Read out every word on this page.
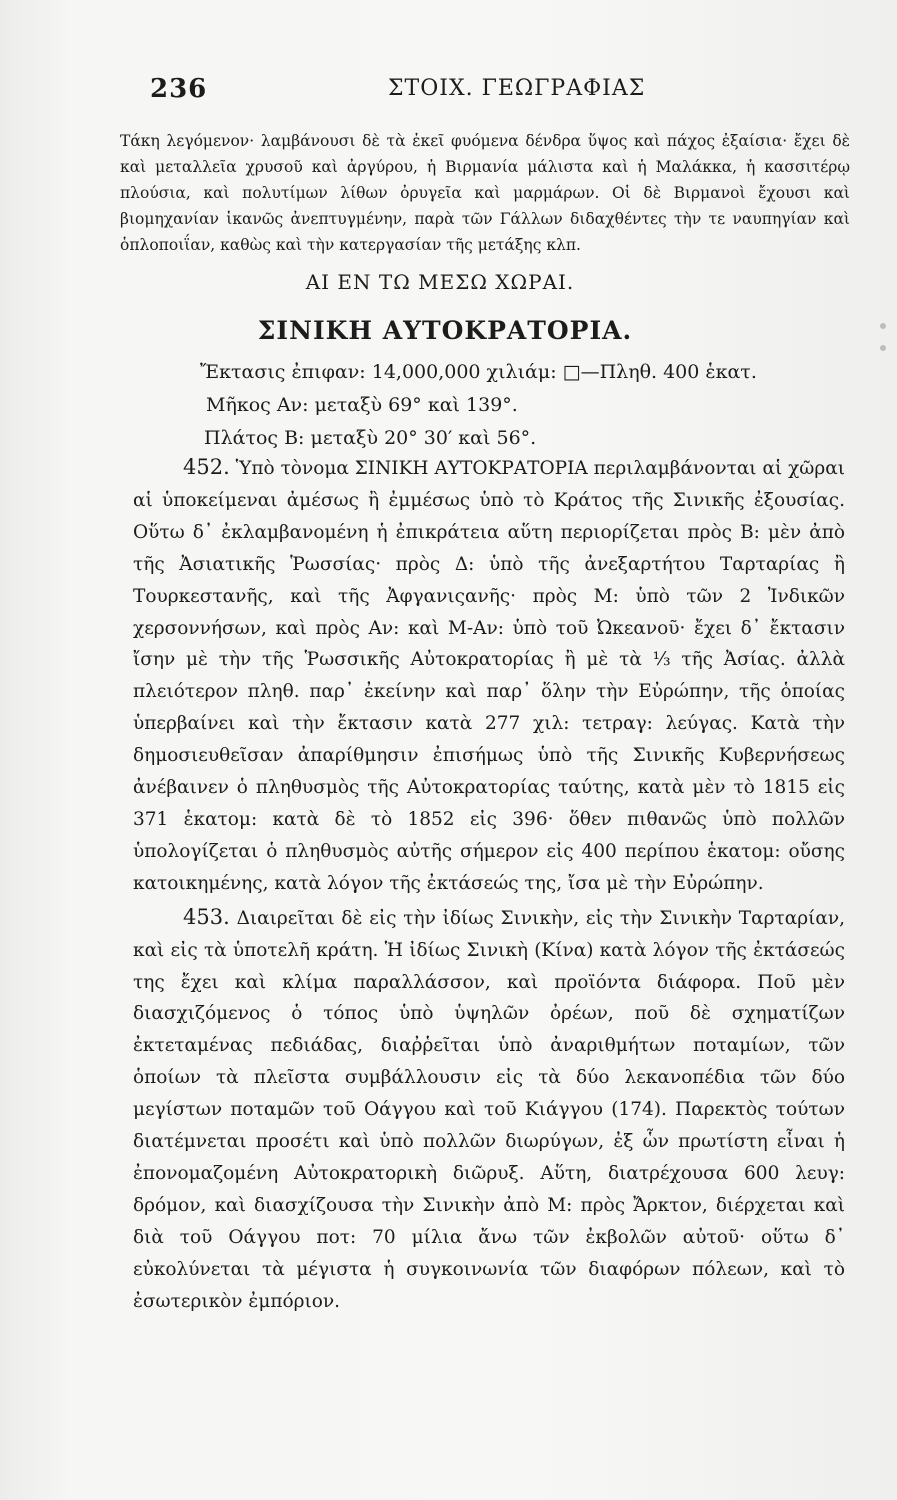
236	ΣΤΟΙΧ. ΓΕΩΓΡΑΦΙΑΣ

Τάκη λεγόμενον· λαμβάνουσι δὲ τὰ ἐκεῖ φυόμενα δένδρα ὕψος καὶ πάχος ἐξαίσια· ἔχει δὲ καὶ μεταλλεῖα χρυσοῦ καὶ ἀργύρου, ἡ Βιρμανία μάλιστα καὶ ἡ Μαλάκκα, ἡ κασσιτέρῳ πλούσια, καὶ πολυτίμων λίθων ὀρυγεῖα καὶ μαρμάρων. Οἱ δὲ Βιρμανοὶ ἔχουσι καὶ βιομηχανίαν ἱκανῶς ἀνεπτυγμένην, παρὰ τῶν Γάλλων διδαχθέντες τὴν τε ναυπηγίαν καὶ ὁπλοποιΐαν, καθὼς καὶ τὴν κατεργασίαν τῆς μετάξης κλπ.

ΑΙ ΕΝ ΤΩ ΜΕΣΩ ΧΩΡΑΙ.
ΣΙΝΙΚΗ ΑΥΤΟΚΡΑΤΟΡΙΑ.
Ἔκτασις ἐπιφαν: 14,000,000 χιλιάμ: □—Πληθ. 400 ἑκατ.
Μῆκος Αν: μεταξὺ 69° καὶ 139°.
Πλάτος Β: μεταξὺ 20° 30′ καὶ 56°.

452. Ὑπὸ τὸνομα ΣΙΝΙΚΗ ΑΥΤΟΚΡΑΤΟΡΙΑ περιλαμβάνονται αἱ χῶραι αἱ ὑποκείμεναι ἀμέσως ἢ ἐμμέσως ὑπὸ τὸ Κράτος τῆς Σινικῆς ἐξουσίας. Οὕτω δ᾽ ἐκλαμβανομένη ἡ ἐπικράτεια αὕτη περιορίζεται πρὸς Β: μὲν ἀπὸ τῆς Ἀσιατικῆς Ῥωσσίας· πρὸς Δ: ὑπὸ τῆς ἀνεξαρτήτου Ταρταρίας ἢ Τουρκεστανῆς, καὶ τῆς Ἀφγανιςανῆς· πρὸς Μ: ὑπὸ τῶν 2 Ἰνδικῶν χερσοννήσων, καὶ πρὸς Αν: καὶ Μ-Αν: ὑπὸ τοῦ Ὠκεανοῦ· ἔχει δ᾽ ἔκτασιν ἴσην μὲ τὴν τῆς Ῥωσσικῆς Αὐτοκρατορίας ἢ μὲ τὰ ⅓ τῆς Ἀσίας. ἀλλὰ πλειότερον πληθ. παρ᾽ ἐκείνην καὶ παρ᾽ ὅλην τὴν Εὐρώπην, τῆς ὁποίας ὑπερβαίνει καὶ τὴν ἔκτασιν κατὰ 277 χιλ: τετραγ: λεύγας. Κατὰ τὴν δημοσιευθεῖσαν ἀπαρίθμησιν ἐπισήμως ὑπὸ τῆς Σινικῆς Κυβερνήσεως ἀνέβαινεν ὁ πληθυσμὸς τῆς Αὐτοκρατορίας ταύτης, κατὰ μὲν τὸ 1815 εἰς 371 ἑκατομ: κατὰ δὲ τὸ 1852 εἰς 396· ὅθεν πιθανῶς ὑπὸ πολλῶν ὑπολογίζεται ὁ πληθυσμὸς αὐτῆς σήμερον εἰς 400 περίπου ἑκατομ: οὔσης κατοικημένης, κατὰ λόγον τῆς ἐκτάσεώς της, ἴσα μὲ τὴν Εὐρώπην.

453. Διαιρεῖται δὲ εἰς τὴν ἰδίως Σινικὴν, εἰς τὴν Σινικὴν Ταρταρίαν, καὶ εἰς τὰ ὑποτελῆ κράτη. Ἡ ἰδίως Σινικὴ (Κίνα) κατὰ λόγον τῆς ἐκτάσεώς της ἔχει καὶ κλίμα παραλλάσσον, καὶ προϊόντα διάφορα. Ποῦ μὲν διασχιζόμενος ὁ τόπος ὑπὸ ὑψηλῶν ὀρέων, ποῦ δὲ σχηματίζων ἐκτεταμένας πεδιάδας, διαῤῥεῖται ὑπὸ ἀναριθμήτων ποταμίων, τῶν ὁποίων τὰ πλεῖστα συμβάλλουσιν εἰς τὰ δύο λεκανοπέδια τῶν δύο μεγίστων ποταμῶν τοῦ Οάγγου καὶ τοῦ Κιάγγου (174). Παρεκτὸς τούτων διατέμνεται προσέτι καὶ ὑπὸ πολλῶν διωρύγων, ἐξ ὧν πρωτίστη εἶναι ἡ ἐπονομαζομένη Αὐτοκρατορικὴ διῶρυξ. Αὕτη, διατρέχουσα 600 λευγ: δρόμον, καὶ διασχίζουσα τὴν Σινικὴν ἀπὸ Μ: πρὸς Ἄρκτον, διέρχεται καὶ διὰ τοῦ Οάγγου ποτ: 70 μίλια ἄνω τῶν ἐκβολῶν αὐτοῦ· οὕτω δ᾽ εὐκολύνεται τὰ μέγιστα ἡ συγκοινωνία τῶν διαφόρων πόλεων, καὶ τὸ ἐσωτερικὸν ἐμπόριον.
